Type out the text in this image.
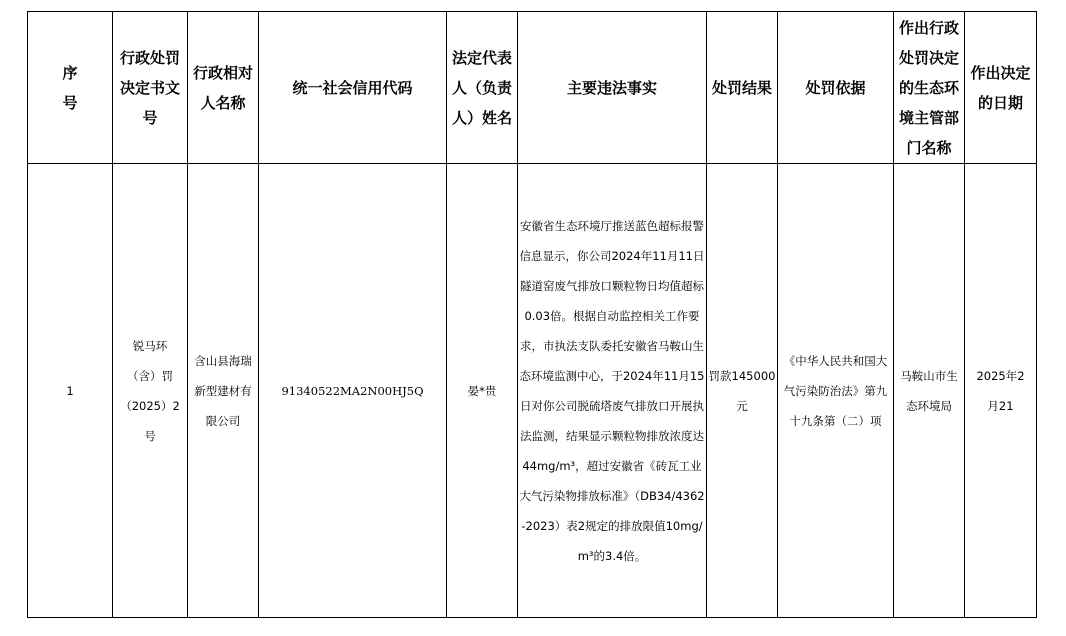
序号	行政处罚决定书文号	行政相对人名称	统一社会信用代码	法定代表人（负责人）姓名	主要违法事实	处罚结果	处罚依据	作出行政处罚决定的生态环境主管部门名称	作出决定的日期
1	锐马环（含）罚（2025）2号	含山县海瑞新型建材有限公司	91340522MA2N00HJ5Q	晏*贵	安徽省生态环境厅推送蓝色超标报警信息显示，你公司2024年11月11日隧道窑废气排放口颗粒物日均值超标0.03倍。根据自动监控相关工作要求，市执法支队委托安徽省马鞍山生态环境监测中心，于2024年11月15日对你公司脱硫塔废气排放口开展执法监测，结果显示颗粒物排放浓度达44mg/m³，超过安徽省《砖瓦工业大气污染物排放标准》（DB34/4362-2023）表2规定的排放限值10mg/m³的3.4倍。	罚款145000元	《中华人民共和国大气污染防治法》第九十九条第（二）项	马鞍山市生态环境局	2025年2月21
